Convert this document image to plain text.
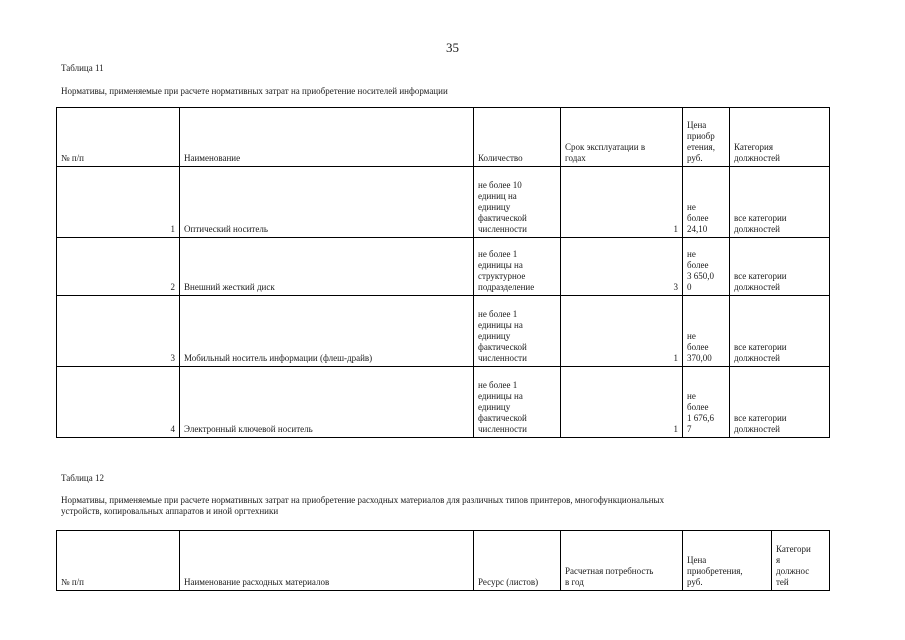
35
Таблица 11
Нормативы, применяемые при расчете нормативных затрат на приобретение носителей информации
№ п/п	Наименование	Количество	Срок эксплуатации в
годах	Цена
приобр
етения,
руб.	Категория
должностей
1	Оптический носитель	не более 10
единиц на
единицу
фактической
численности	1	не
более
24,10	все категории
должностей
2	Внешний жесткий диск	не более 1
единицы на
структурное
подразделение	3	не
более
3 650,0
0	все категории
должностей
3	Мобильный носитель информации (флеш-драйв)	не более 1
единицы на
единицу
фактической
численности	1	не
более
370,00	все категории
должностей
4	Электронный ключевой носитель	не более 1
единицы на
единицу
фактической
численности	1	не
более
1 676,6
7	все категории
должностей
Таблица 12
Нормативы, применяемые при расчете нормативных затрат на приобретение расходных материалов для различных типов принтеров, многофункциональных
устройств, копировальных аппаратов и иной оргтехники
№ п/п	Наименование расходных материалов	Ресурс (листов)	Расчетная потребность
в год	Цена
приобретения,
руб.	Категори
я
должнос
тей
